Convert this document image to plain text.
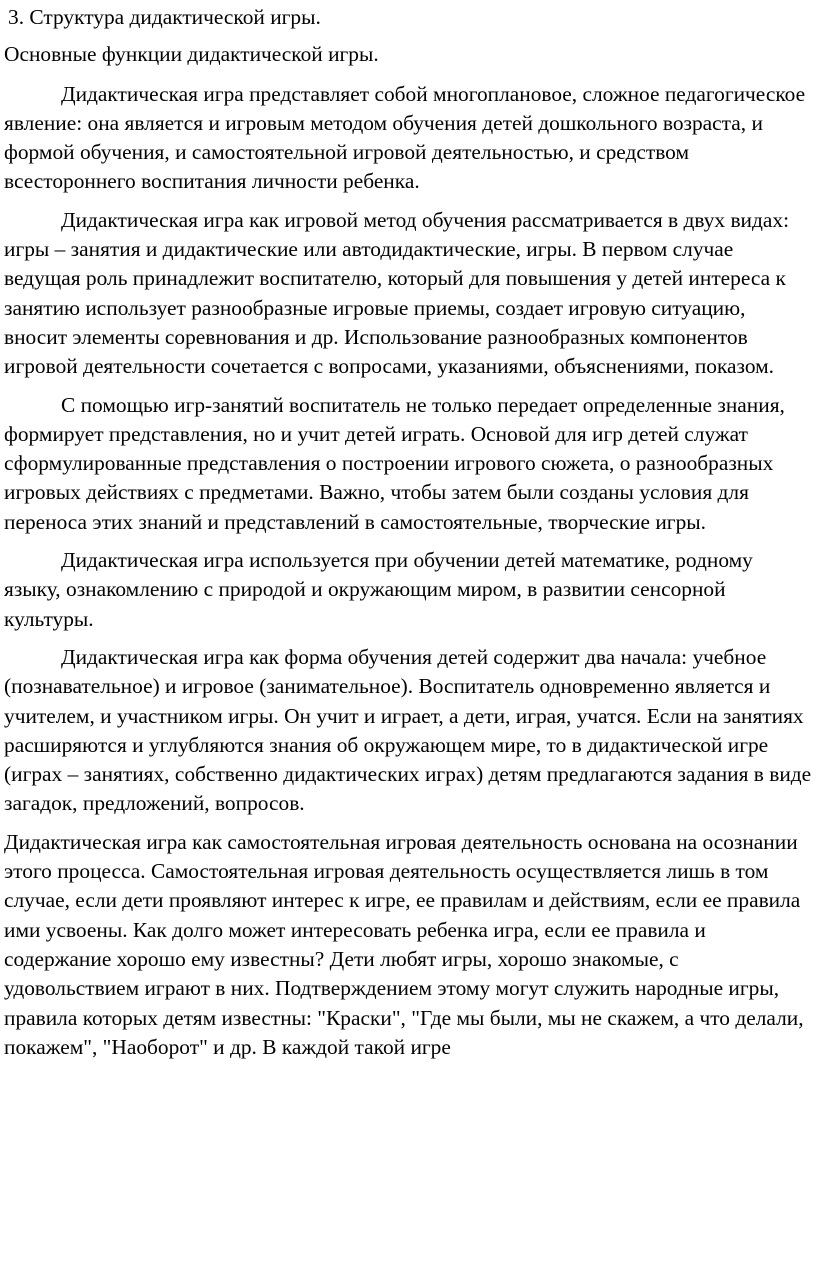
3. Структура дидактической игры.
Основные функции дидактической игры.

Дидактическая игра представляет собой многоплановое, сложное педагогическое явление: она является и игровым методом обучения детей дошкольного возраста, и формой обучения, и самостоятельной игровой деятельностью, и средством всестороннего воспитания личности ребенка.

Дидактическая игра как игровой метод обучения рассматривается в двух видах: игры – занятия и дидактические или автодидактические, игры. В первом случае ведущая роль принадлежит воспитателю, который для повышения у детей интереса к занятию использует разнообразные игровые приемы, создает игровую ситуацию, вносит элементы соревнования и др. Использование разнообразных компонентов игровой деятельности сочетается с вопросами, указаниями, объяснениями, показом.

С помощью игр-занятий воспитатель не только передает определенные знания, формирует представления, но и учит детей играть. Основой для игр детей служат сформулированные представления о построении игрового сюжета, о разнообразных игровых действиях с предметами. Важно, чтобы затем были созданы условия для переноса этих знаний и представлений в самостоятельные, творческие игры.

Дидактическая игра используется при обучении детей математике, родному языку, ознакомлению с природой и окружающим миром, в развитии сенсорной культуры.

Дидактическая игра как форма обучения детей содержит два начала: учебное (познавательное) и игровое (занимательное). Воспитатель одновременно является и учителем, и участником игры. Он учит и играет, а дети, играя, учатся. Если на занятиях расширяются и углубляются знания об окружающем мире, то в дидактической игре (играх – занятиях, собственно дидактических играх) детям предлагаются задания в виде загадок, предложений, вопросов.

Дидактическая игра как самостоятельная игровая деятельность основана на осознании этого процесса. Самостоятельная игровая деятельность осуществляется лишь в том случае, если дети проявляют интерес к игре, ее правилам и действиям, если ее правила ими усвоены. Как долго может интересовать ребенка игра, если ее правила и содержание хорошо ему известны? Дети любят игры, хорошо знакомые, с удовольствием играют в них. Подтверждением этому могут служить народные игры, правила которых детям известны: "Краски", "Где мы были, мы не скажем, а что делали, покажем", "Наоборот" и др. В каждой такой игре
